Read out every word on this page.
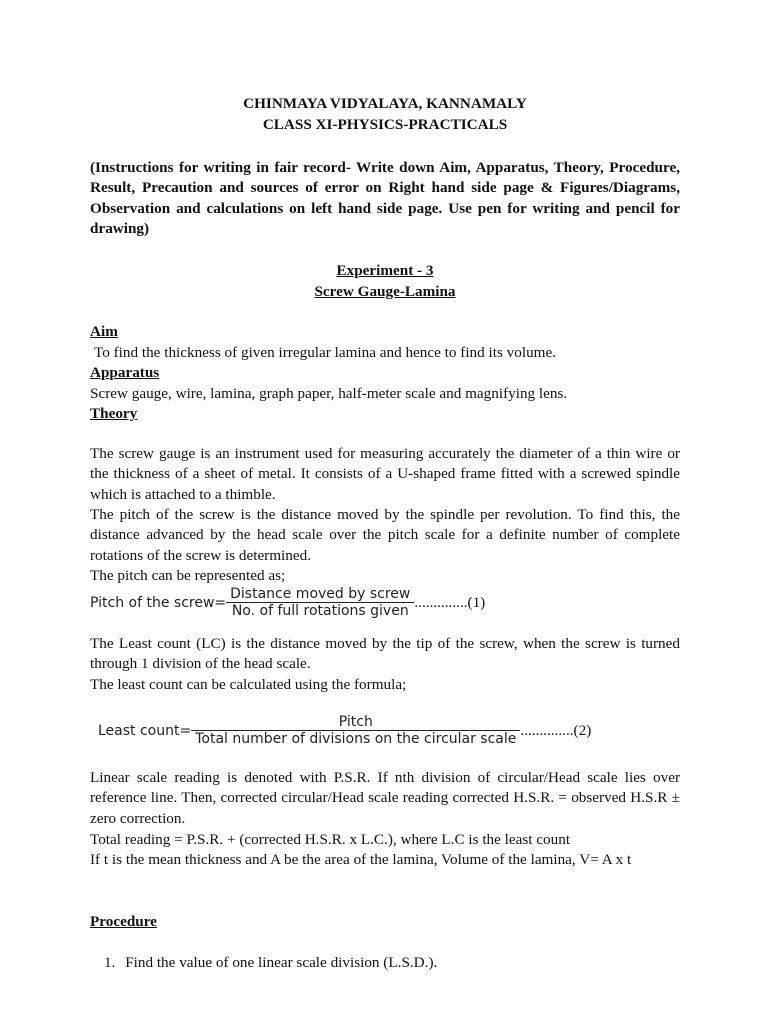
CHINMAYA VIDYALAYA, KANNAMALY
CLASS XI-PHYSICS-PRACTICALS
(Instructions for writing in fair record- Write down Aim, Apparatus, Theory, Procedure, Result, Precaution and sources of error on Right hand side page & Figures/Diagrams, Observation and calculations on left hand side page. Use pen for writing and pencil for drawing)
Experiment - 3
Screw Gauge-Lamina
Aim
To find the thickness of given irregular lamina and hence to find its volume.
Apparatus
Screw gauge, wire, lamina, graph paper, half-meter scale and magnifying lens.
Theory
The screw gauge is an instrument used for measuring accurately the diameter of a thin wire or the thickness of a sheet of metal. It consists of a U-shaped frame fitted with a screwed spindle which is attached to a thimble.
The pitch of the screw is the distance moved by the spindle per revolution. To find this, the distance advanced by the head scale over the pitch scale for a definite number of complete rotations of the screw is determined.
The pitch can be represented as;
Pitch of the screw= $\frac{\text{Distance moved by screw}}{\text{No. of full rotations given}} ..............(1)$
The Least count (LC) is the distance moved by the tip of the screw, when the screw is turned through 1 division of the head scale.
The least count can be calculated using the formula;
Least count= $\frac{\text{Pitch}}{\text{Total number of divisions on the circular scale}} ..............(2)$
Linear scale reading is denoted with P.S.R. If nth division of circular/Head scale lies over reference line. Then, corrected circular/Head scale reading corrected H.S.R. = observed H.S.R ± zero correction.
Total reading = P.S.R. + (corrected H.S.R. x L.C.), where L.C is the least count
If t is the mean thickness and A be the area of the lamina, Volume of the lamina, V= A x t
Procedure
1. Find the value of one linear scale division (L.S.D.).
